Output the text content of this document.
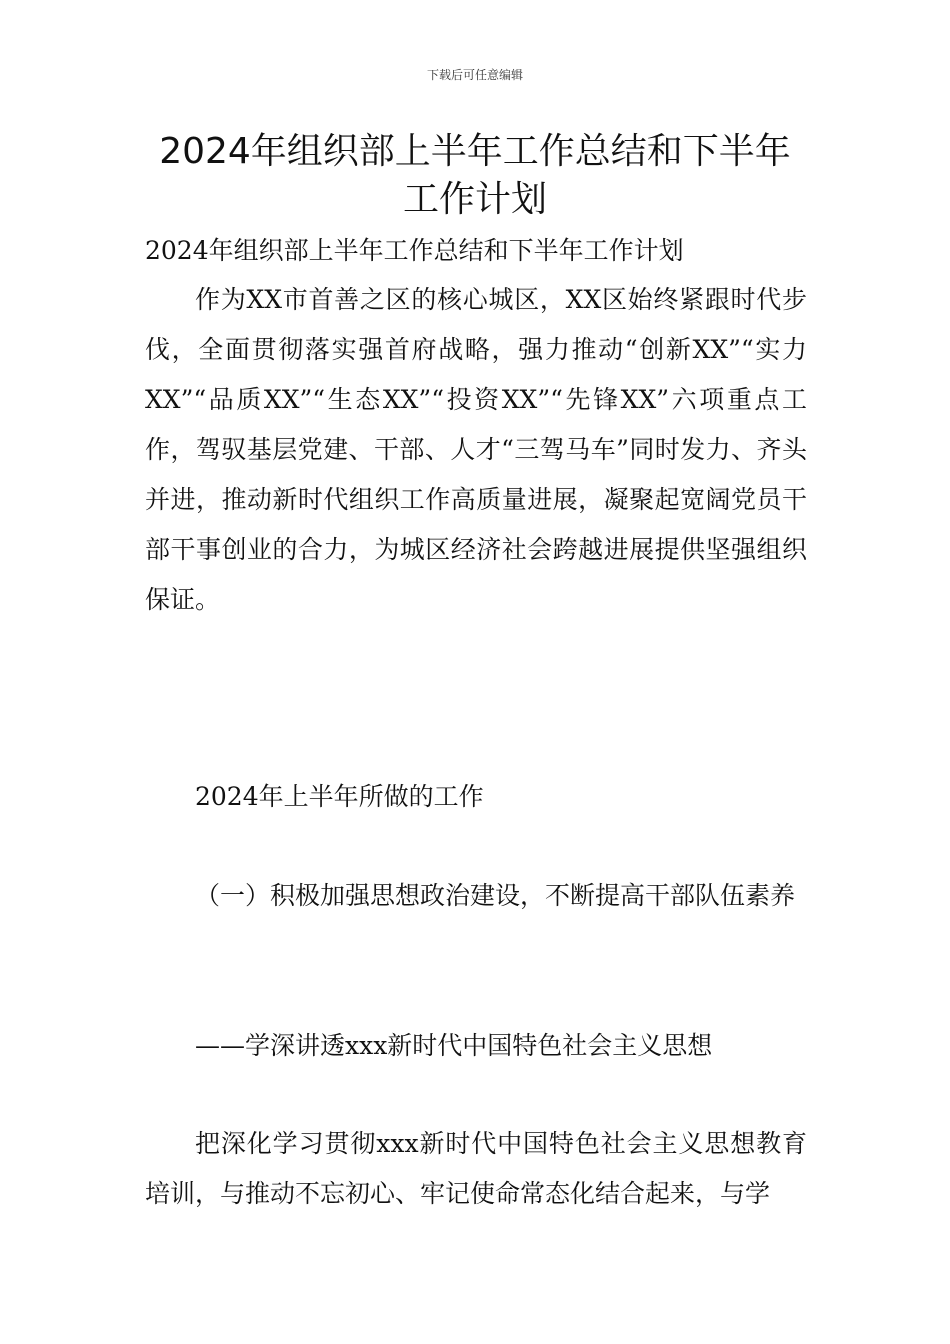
下载后可任意编辑
2024年组织部上半年工作总结和下半年工作计划

2024年组织部上半年工作总结和下半年工作计划

作为XX市首善之区的核心城区，XX区始终紧跟时代步伐，全面贯彻落实强首府战略，强力推动“创新XX”“实力XX”“品质XX”“生态XX”“投资XX”“先锋XX”六项重点工作，驾驭基层党建、干部、人才“三驾马车”同时发力、齐头并进，推动新时代组织工作高质量进展，凝聚起宽阔党员干部干事创业的合力，为城区经济社会跨越进展提供坚强组织保证。

2024年上半年所做的工作

（一）积极加强思想政治建设，不断提高干部队伍素养

——学深讲透xxx新时代中国特色社会主义思想

把深化学习贯彻xxx新时代中国特色社会主义思想教育培训，与推动不忘初心、牢记使命常态化结合起来，与学
